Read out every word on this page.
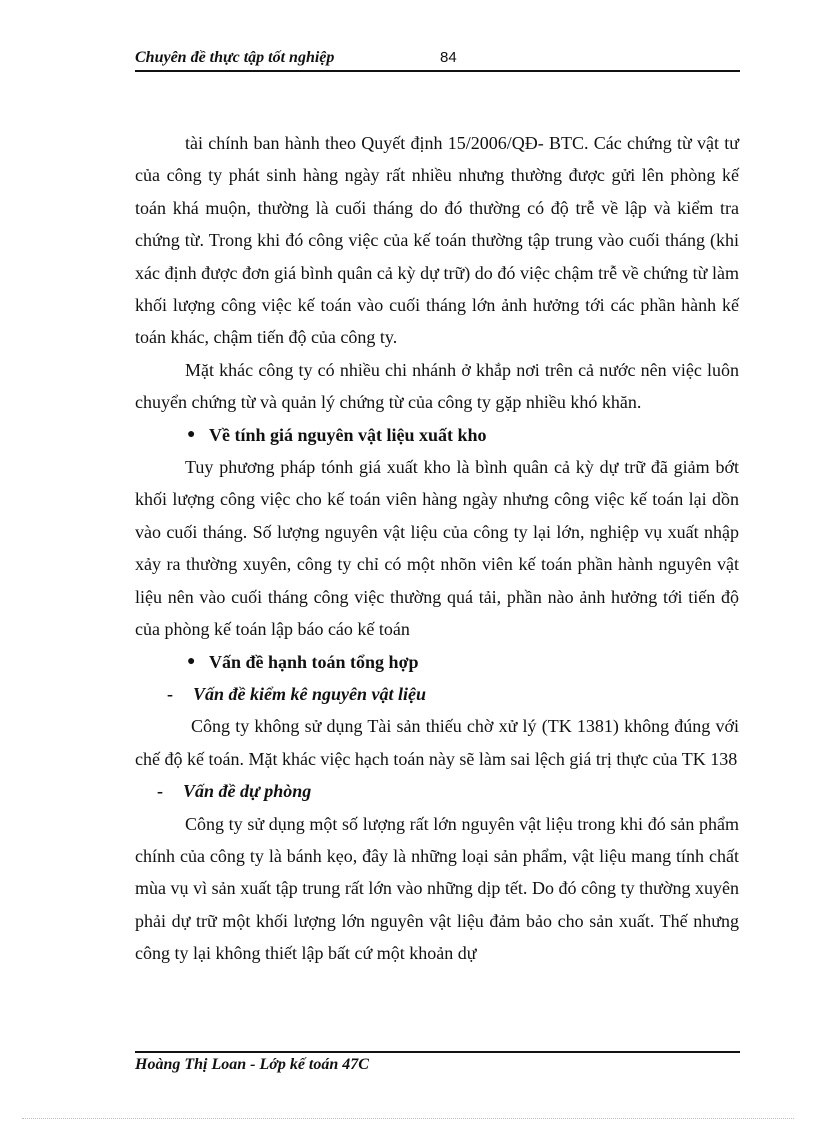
Chuyên đề thực tập tốt nghiệp	84

tài chính ban hành theo Quyết định 15/2006/QĐ- BTC. Các chứng từ vật tư của công ty phát sinh hàng ngày rất nhiều nhưng thường được gửi lên phòng kế toán khá muộn, thường là cuối tháng do đó thường có độ trễ về lập và kiểm tra chứng từ. Trong khi đó công việc của kế toán thường tập trung vào cuối tháng (khi xác định được đơn giá bình quân cả kỳ dự trữ) do đó việc chậm trễ về chứng từ làm khối lượng công việc kế toán vào cuối tháng lớn ảnh hưởng tới các phần hành kế toán khác, chậm tiến độ của công ty.

Mặt khác công ty có nhiều chi nhánh ở khắp nơi trên cả nước nên việc luôn chuyển chứng từ và quản lý chứng từ của công ty gặp nhiều khó khăn.

● Về tính giá nguyên vật liệu xuất kho

Tuy phương pháp tónh giá xuất kho là bình quân cả kỳ dự trữ đã giảm bớt khối lượng công việc cho kế toán viên hàng ngày nhưng công việc kế toán lại dồn vào cuối tháng. Số lượng nguyên vật liệu của công ty lại lớn, nghiệp vụ xuất nhập xảy ra thường xuyên, công ty chỉ có một nhõn viên kế toán phần hành nguyên vật liệu nên vào cuối tháng công việc thường quá tải, phần nào ảnh hưởng tới tiến độ của phòng kế toán lập báo cáo kế toán

● Vấn đề hạnh toán tổng hợp

- Vấn đề kiểm kê nguyên vật liệu

Công ty không sử dụng Tài sản thiếu chờ xử lý (TK 1381) không đúng với chế độ kế toán. Mặt khác việc hạch toán này sẽ làm sai lệch giá trị thực của TK 138

- Vấn đề dự phòng

Công ty sử dụng một số lượng rất lớn nguyên vật liệu trong khi đó sản phẩm chính của công ty là bánh kẹo, đây là những loại sản phẩm, vật liệu mang tính chất mùa vụ vì sản xuất tập trung rất lớn vào những dịp tết. Do đó công ty thường xuyên phải dự trữ một khối lượng lớn nguyên vật liệu đảm bảo cho sản xuất. Thế nhưng công ty lại không thiết lập bất cứ một khoản dự

Hoàng Thị Loan - Lớp kế toán 47C
